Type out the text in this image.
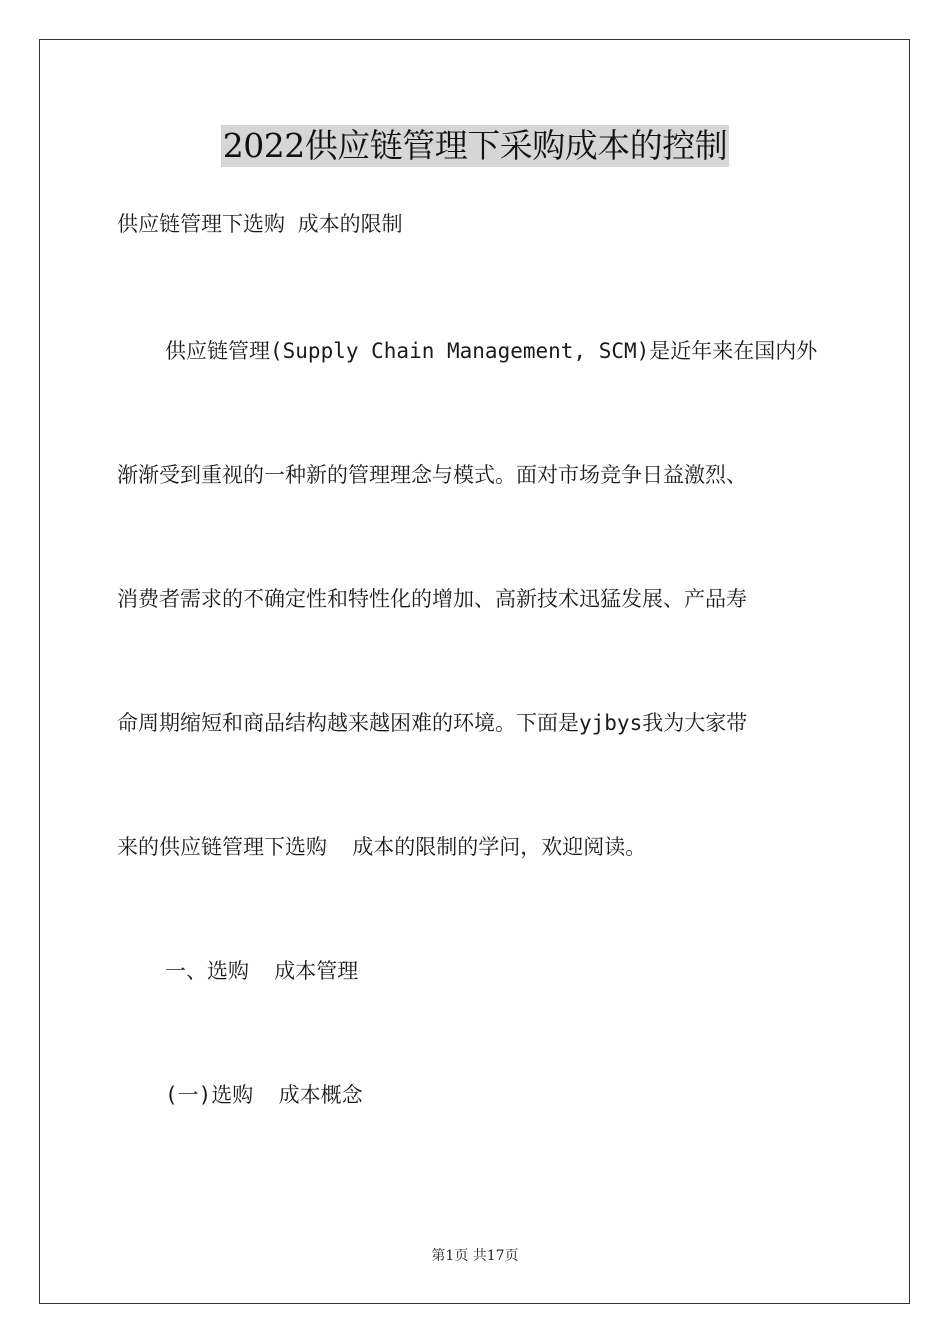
2022供应链管理下采购成本的控制
供应链管理下选购 成本的限制
供应链管理(Supply Chain Management, SCM)是近年来在国内外
渐渐受到重视的一种新的管理理念与模式。面对市场竞争日益激烈、
消费者需求的不确定性和特性化的增加、高新技术迅猛发展、产品寿
命周期缩短和商品结构越来越困难的环境。下面是yjbys我为大家带
来的供应链管理下选购  成本的限制的学问，欢迎阅读。
一、选购  成本管理
(一)选购  成本概念
第1页 共17页
